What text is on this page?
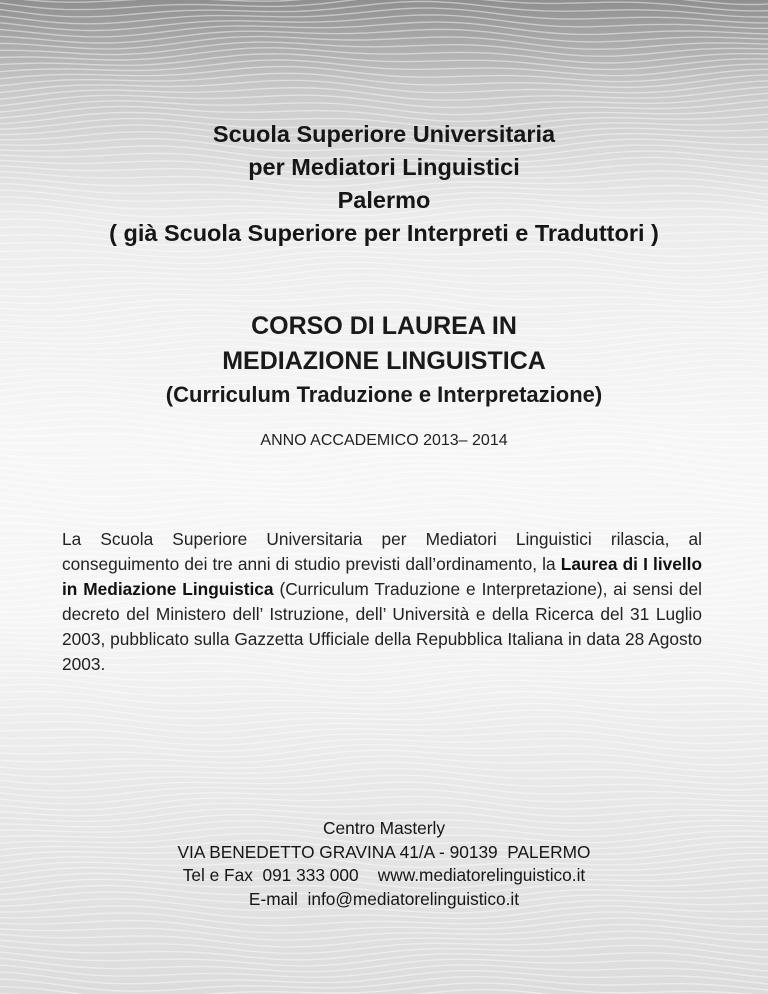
Scuola Superiore Universitaria
per Mediatori Linguistici
Palermo
( già Scuola Superiore per Interpreti e Traduttori )
CORSO DI LAUREA IN
MEDIAZIONE LINGUISTICA
(Curriculum Traduzione e Interpretazione)
ANNO ACCADEMICO 2013– 2014
La Scuola Superiore Universitaria per Mediatori Linguistici rilascia, al conseguimento dei tre anni di studio previsti dall’ordinamento, la Laurea di I livello in Mediazione Linguistica (Curriculum Traduzione e Interpretazione), ai sensi del decreto del Ministero dell’ Istruzione, dell’ Università e della Ricerca del 31 Luglio 2003, pubblicato sulla Gazzetta Ufficiale della Repubblica Italiana in data 28 Agosto 2003.
Centro Masterly
VIA BENEDETTO GRAVINA 41/A - 90139  PALERMO
Tel e Fax  091 333 000    www.mediatorelinguistico.it
E-mail  info@mediatorelinguistico.it
